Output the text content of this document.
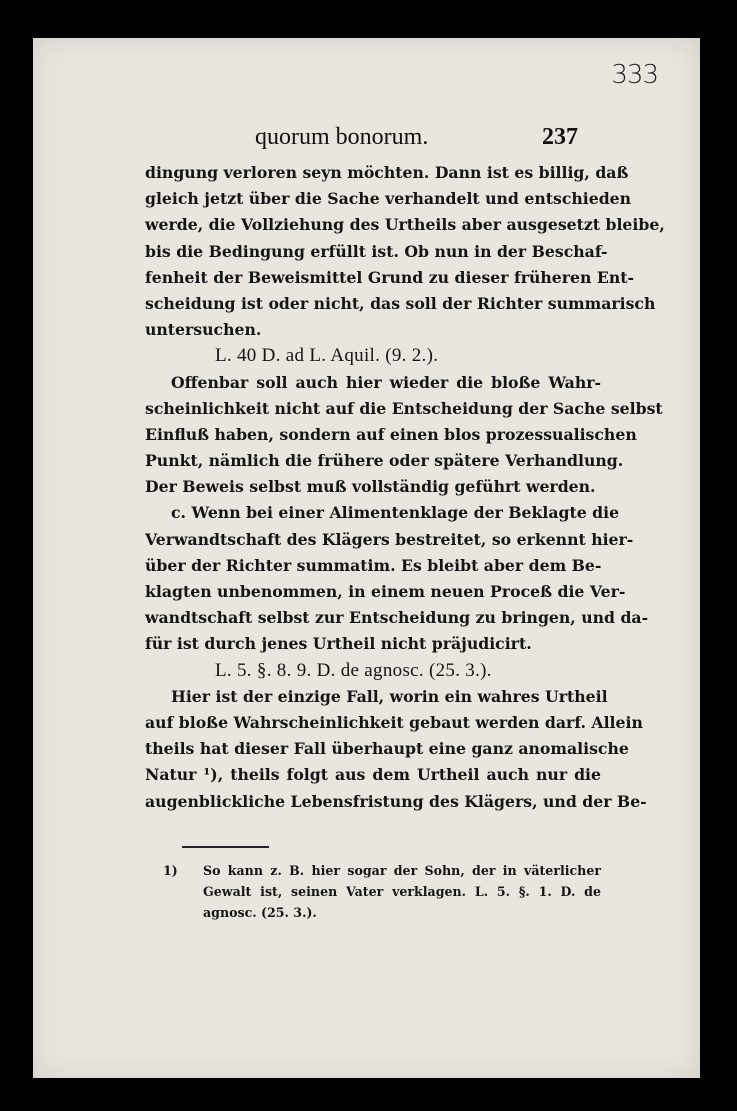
333
quorum bonorum.	237
dingung verloren seyn möchten. Dann ist es billig, daß
gleich jetzt über die Sache verhandelt und entschieden
werde, die Vollziehung des Urtheils aber ausgesetzt bleibe,
bis die Bedingung erfüllt ist. Ob nun in der Beschaf-
fenheit der Beweismittel Grund zu dieser früheren Ent-
scheidung ist oder nicht, das soll der Richter summarisch
untersuchen.
L. 40 D. ad L. Aquil. (9. 2.).
Offenbar soll auch hier wieder die bloße Wahr-
scheinlichkeit nicht auf die Entscheidung der Sache selbst
Einfluß haben, sondern auf einen blos prozessualischen
Punkt, nämlich die frühere oder spätere Verhandlung.
Der Beweis selbst muß vollständig geführt werden.
c. Wenn bei einer Alimentenklage der Beklagte die
Verwandtschaft des Klägers bestreitet, so erkennt hier-
über der Richter summatim. Es bleibt aber dem Be-
klagten unbenommen, in einem neuen Proceß die Ver-
wandtschaft selbst zur Entscheidung zu bringen, und da-
für ist durch jenes Urtheil nicht präjudicirt.
L. 5. §. 8. 9. D. de agnosc. (25. 3.).
Hier ist der einzige Fall, worin ein wahres Urtheil
auf bloße Wahrscheinlichkeit gebaut werden darf. Allein
theils hat dieser Fall überhaupt eine ganz anomalische
Natur ¹), theils folgt aus dem Urtheil auch nur die
augenblickliche Lebensfristung des Klägers, und der Be-
1) So kann z. B. hier sogar der Sohn, der in väterlicher
Gewalt ist, seinen Vater verklagen. L. 5. §. 1. D. de
agnosc. (25. 3.).
